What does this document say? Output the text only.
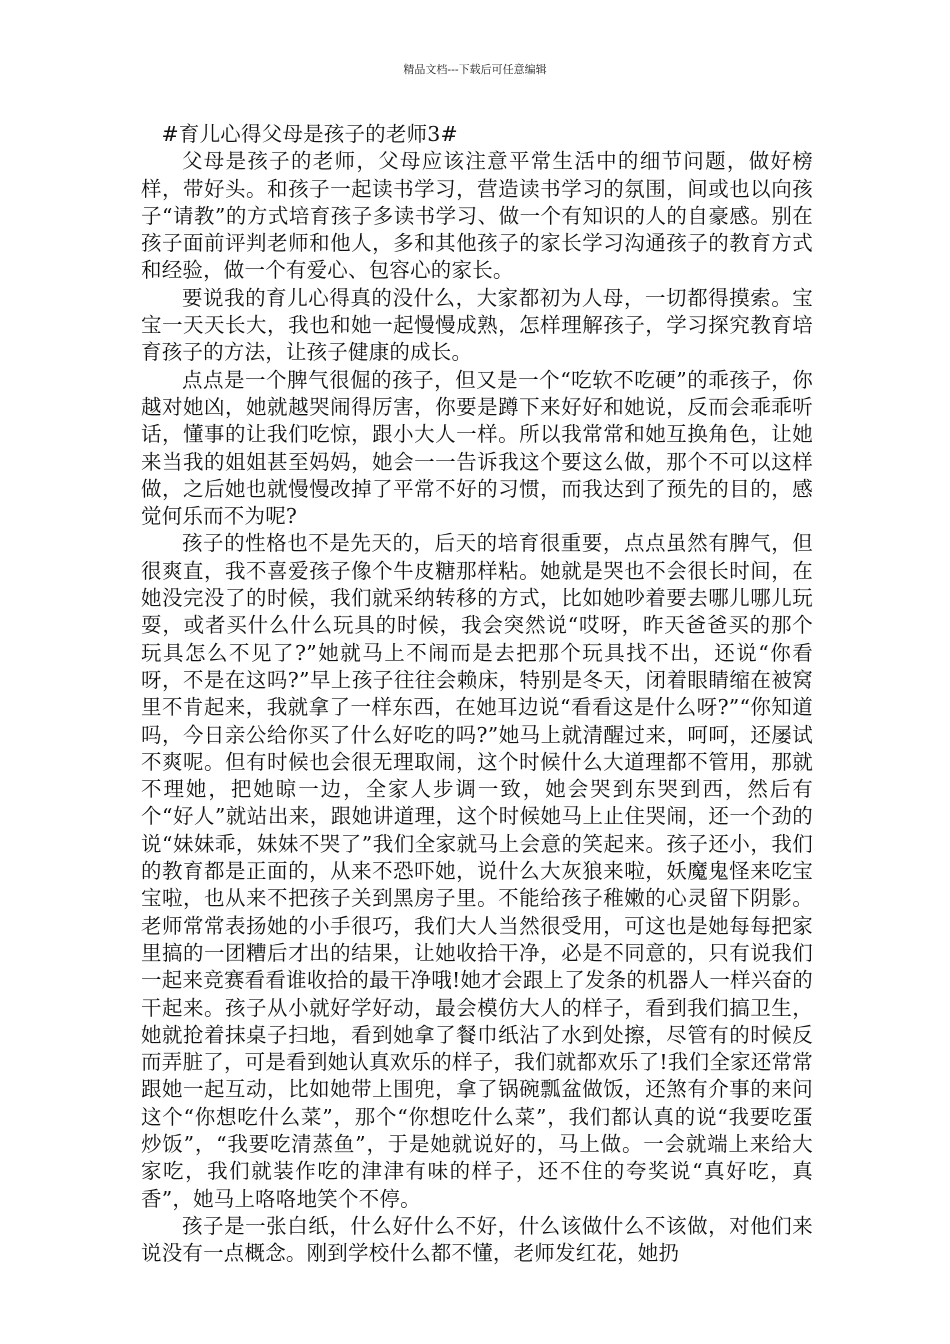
精品文档---下载后可任意编辑

#育儿心得父母是孩子的老师3#

父母是孩子的老师，父母应该注意平常生活中的细节问题，做好榜样，带好头。和孩子一起读书学习，营造读书学习的氛围，间或也以向孩子“请教”的方式培育孩子多读书学习、做一个有知识的人的自豪感。别在孩子面前评判老师和他人，多和其他孩子的家长学习沟通孩子的教育方式和经验，做一个有爱心、包容心的家长。

要说我的育儿心得真的没什么，大家都初为人母，一切都得摸索。宝宝一天天长大，我也和她一起慢慢成熟，怎样理解孩子，学习探究教育培育孩子的方法，让孩子健康的成长。

点点是一个脾气很倔的孩子，但又是一个“吃软不吃硬”的乖孩子，你越对她凶，她就越哭闹得厉害，你要是蹲下来好好和她说，反而会乖乖听话，懂事的让我们吃惊，跟小大人一样。所以我常常和她互换角色，让她来当我的姐姐甚至妈妈，她会一一告诉我这个要这么做，那个不可以这样做，之后她也就慢慢改掉了平常不好的习惯，而我达到了预先的目的，感觉何乐而不为呢?

孩子的性格也不是先天的，后天的培育很重要，点点虽然有脾气，但很爽直，我不喜爱孩子像个牛皮糖那样粘。她就是哭也不会很长时间，在她没完没了的时候，我们就采纳转移的方式，比如她吵着要去哪儿哪儿玩耍，或者买什么什么玩具的时候，我会突然说“哎呀，昨天爸爸买的那个玩具怎么不见了?”她就马上不闹而是去把那个玩具找不出，还说“你看呀，不是在这吗?”早上孩子往往会赖床，特别是冬天，闭着眼睛缩在被窝里不肯起来，我就拿了一样东西，在她耳边说“看看这是什么呀?”“你知道吗，今日亲公给你买了什么好吃的吗?”她马上就清醒过来，呵呵，还屡试不爽呢。但有时候也会很无理取闹，这个时候什么大道理都不管用，那就不理她，把她晾一边，全家人步调一致，她会哭到东哭到西，然后有个“好人”就站出来，跟她讲道理，这个时候她马上止住哭闹，还一个劲的说“妹妹乖，妹妹不哭了”我们全家就马上会意的笑起来。孩子还小，我们的教育都是正面的，从来不恐吓她，说什么大灰狼来啦，妖魔鬼怪来吃宝宝啦，也从来不把孩子关到黑房子里。不能给孩子稚嫩的心灵留下阴影。老师常常表扬她的小手很巧，我们大人当然很受用，可这也是她每每把家里搞的一团糟后才出的结果，让她收拾干净，必是不同意的，只有说我们一起来竞赛看看谁收拾的最干净哦!她才会跟上了发条的机器人一样兴奋的干起来。孩子从小就好学好动，最会模仿大人的样子，看到我们搞卫生，她就抢着抹桌子扫地，看到她拿了餐巾纸沾了水到处擦，尽管有的时候反而弄脏了，可是看到她认真欢乐的样子，我们就都欢乐了!我们全家还常常跟她一起互动，比如她带上围兜，拿了锅碗瓢盆做饭，还煞有介事的来问这个“你想吃什么菜”，那个“你想吃什么菜”，我们都认真的说“我要吃蛋炒饭”，“我要吃清蒸鱼”，于是她就说好的，马上做。一会就端上来给大家吃，我们就装作吃的津津有味的样子，还不住的夸奖说“真好吃，真香”，她马上咯咯地笑个不停。

孩子是一张白纸，什么好什么不好，什么该做什么不该做，对他们来说没有一点概念。刚到学校什么都不懂，老师发红花，她扔
